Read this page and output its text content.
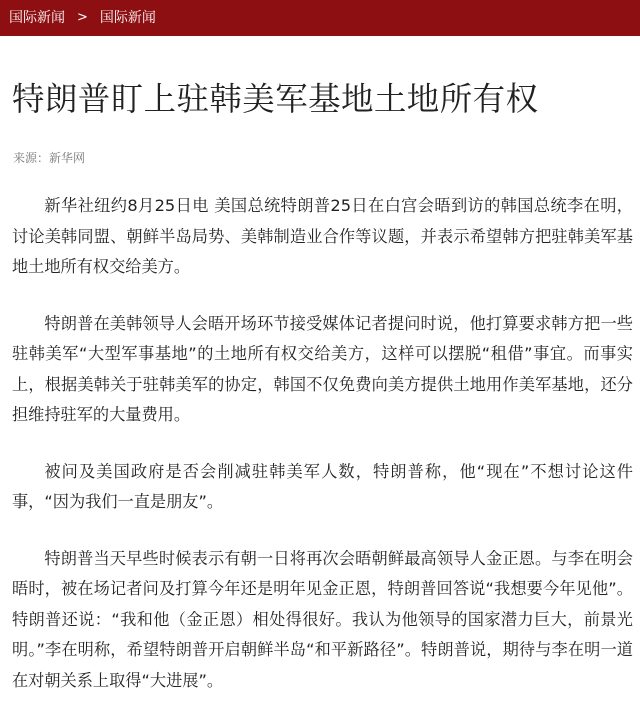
国际新闻 > 国际新闻
特朗普盯上驻韩美军基地土地所有权
来源：新华网

新华社纽约8月25日电 美国总统特朗普25日在白宫会晤到访的韩国总统李在明，讨论美韩同盟、朝鲜半岛局势、美韩制造业合作等议题，并表示希望韩方把驻韩美军基地土地所有权交给美方。

特朗普在美韩领导人会晤开场环节接受媒体记者提问时说，他打算要求韩方把一些驻韩美军“大型军事基地”的土地所有权交给美方，这样可以摆脱“租借”事宜。而事实上，根据美韩关于驻韩美军的协定，韩国不仅免费向美方提供土地用作美军基地，还分担维持驻军的大量费用。

被问及美国政府是否会削减驻韩美军人数，特朗普称，他“现在”不想讨论这件事，“因为我们一直是朋友”。

特朗普当天早些时候表示有朝一日将再次会晤朝鲜最高领导人金正恩。与李在明会晤时，被在场记者问及打算今年还是明年见金正恩，特朗普回答说“我想要今年见他”。特朗普还说：“我和他（金正恩）相处得很好。我认为他领导的国家潜力巨大，前景光明。”李在明称，希望特朗普开启朝鲜半岛“和平新路径”。特朗普说，期待与李在明一道在对朝关系上取得“大进展”。
